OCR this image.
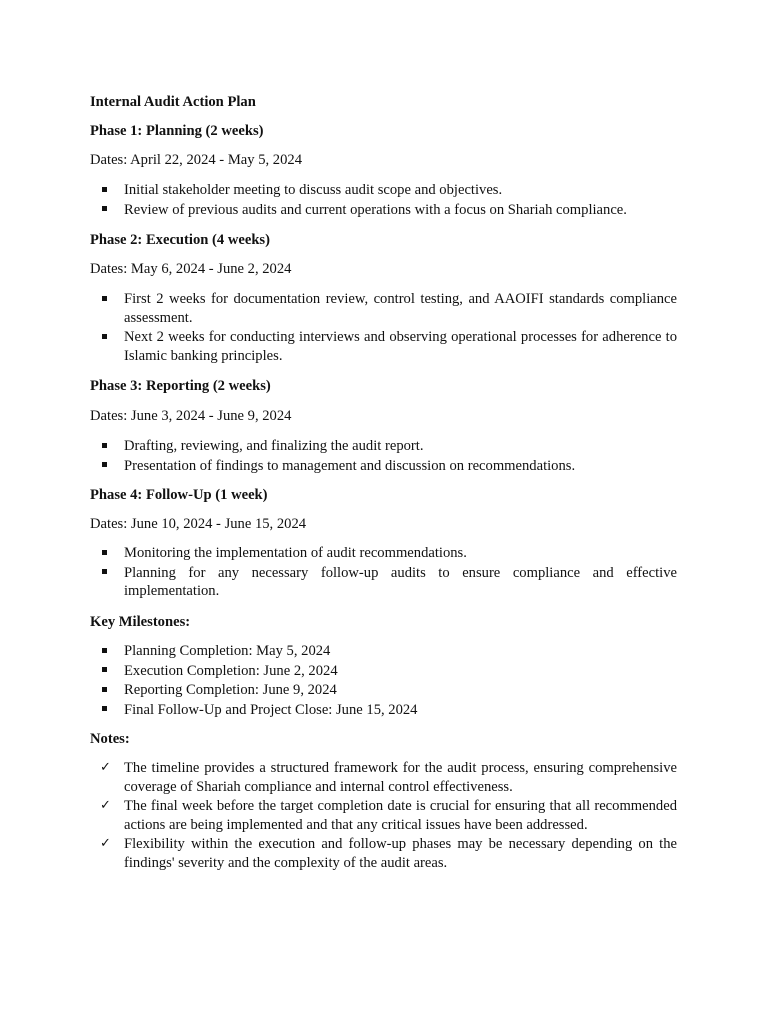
Internal Audit Action Plan
Phase 1: Planning (2 weeks)
Dates: April 22, 2024 - May 5, 2024
Initial stakeholder meeting to discuss audit scope and objectives.
Review of previous audits and current operations with a focus on Shariah compliance.
Phase 2: Execution (4 weeks)
Dates: May 6, 2024 - June 2, 2024
First 2 weeks for documentation review, control testing, and AAOIFI standards compliance assessment.
Next 2 weeks for conducting interviews and observing operational processes for adherence to Islamic banking principles.
Phase 3: Reporting (2 weeks)
Dates: June 3, 2024 - June 9, 2024
Drafting, reviewing, and finalizing the audit report.
Presentation of findings to management and discussion on recommendations.
Phase 4: Follow-Up (1 week)
Dates: June 10, 2024 - June 15, 2024
Monitoring the implementation of audit recommendations.
Planning for any necessary follow-up audits to ensure compliance and effective implementation.
Key Milestones:
Planning Completion: May 5, 2024
Execution Completion: June 2, 2024
Reporting Completion: June 9, 2024
Final Follow-Up and Project Close: June 15, 2024
Notes:
✓ The timeline provides a structured framework for the audit process, ensuring comprehensive coverage of Shariah compliance and internal control effectiveness.
✓ The final week before the target completion date is crucial for ensuring that all recommended actions are being implemented and that any critical issues have been addressed.
✓ Flexibility within the execution and follow-up phases may be necessary depending on the findings' severity and the complexity of the audit areas.
